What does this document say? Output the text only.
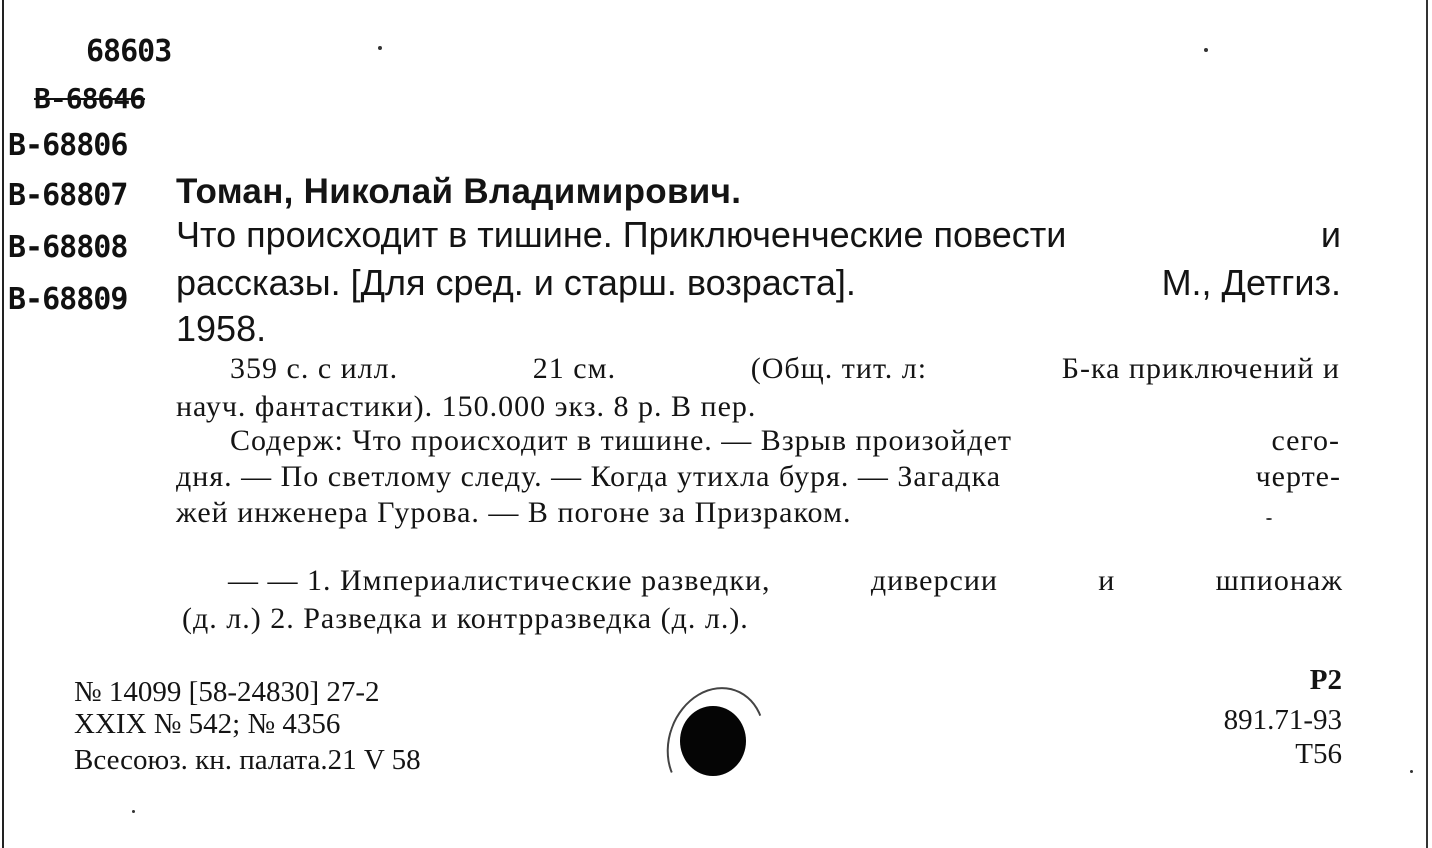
68603
В-68646
В-68806
В-68807
В-68808
В-68809
Томан, Николай Владимирович.
Что происходит в тишине. Приключенческие повести	и
рассказы. [Для сред. и старш. возраста].	М., Детгиз.
1958.
359 с. с илл.	21 см.	(Общ. тит. л:	Б-ка приключений и
науч. фантастики). 150.000 экз. 8 р. В пер.
Содерж: Что происходит в тишине. — Взрыв произойдет	сего-
дня. — По светлому следу. — Когда утихла буря. — Загадка	черте-
жей инженера Гурова. — В погоне за Призраком.
— — 1. Империалистические разведки,	диверсии	и	шпионаж
(д. л.) 2. Разведка и контрразведка (д. л.).
№ 14099 [58-24830] 27-2
XXIX № 542; № 4356
Всесоюз. кн. палата.21 V 58
Р2
891.71-93
Т56
